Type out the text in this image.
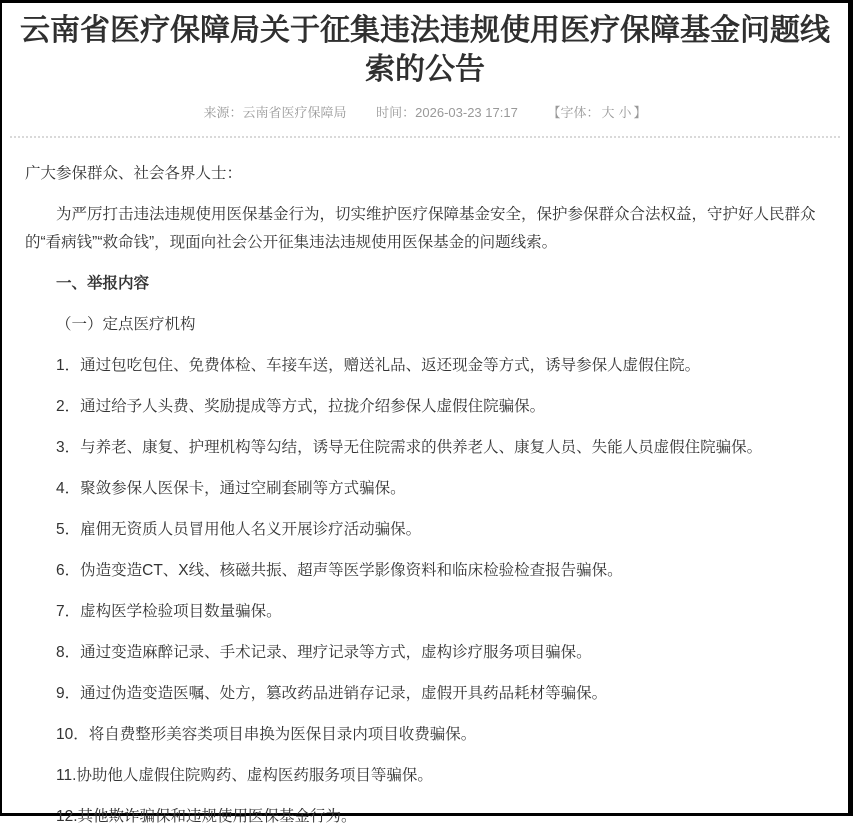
云南省医疗保障局关于征集违法违规使用医疗保障基金问题线索的公告
来源：云南省医疗保障局 时间：2026-03-23 17:17 【字体： 大 小 】

广大参保群众、社会各界人士：

为严厉打击违法违规使用医保基金行为，切实维护医疗保障基金安全，保护参保群众合法权益，守护好人民群众的“看病钱”“救命钱”，现面向社会公开征集违法违规使用医保基金的问题线索。

一、举报内容

（一）定点医疗机构

1．通过包吃包住、免费体检、车接车送，赠送礼品、返还现金等方式，诱导参保人虚假住院。

2．通过给予人头费、奖励提成等方式，拉拢介绍参保人虚假住院骗保。

3．与养老、康复、护理机构等勾结，诱导无住院需求的供养老人、康复人员、失能人员虚假住院骗保。

4．聚敛参保人医保卡，通过空刷套刷等方式骗保。

5．雇佣无资质人员冒用他人名义开展诊疗活动骗保。

6．伪造变造CT、X线、核磁共振、超声等医学影像资料和临床检验检查报告骗保。

7．虚构医学检验项目数量骗保。

8．通过变造麻醉记录、手术记录、理疗记录等方式，虚构诊疗服务项目骗保。

9．通过伪造变造医嘱、处方，篡改药品进销存记录，虚假开具药品耗材等骗保。

10．将自费整形美容类项目串换为医保目录内项目收费骗保。

11.协助他人虚假住院购药、虚构医药服务项目等骗保。

12.其他欺诈骗保和违规使用医保基金行为。
